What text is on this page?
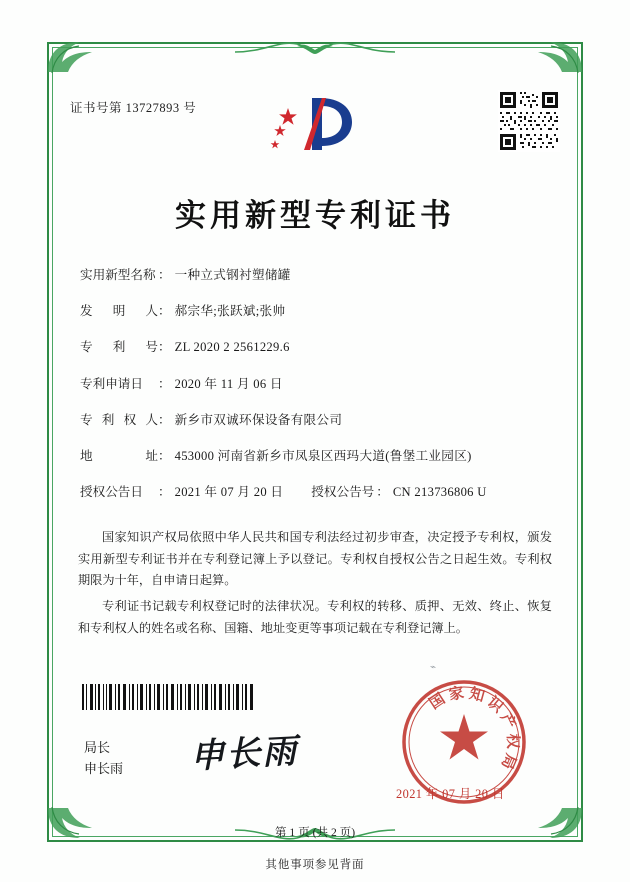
证书号第 13727893 号
实用新型专利证书
实用新型名称 ： 一种立式钢衬塑储罐
发明人 ： 郝宗华;张跃斌;张帅
专利号 ： ZL 2020 2 2561229.6
专利申请日	： 2020 年 11 月 06 日
专利权人 ： 新乡市双诚环保设备有限公司
地址 ： 453000 河南省新乡市凤泉区西玛大道(鲁堡工业园区)
授权公告日	： 2021 年 07 月 20 日	授权公告号 ： CN 213736806 U

国家知识产权局依照中华人民共和国专利法经过初步审查，决定授予专利权，颁发实用新型专利证书并在专利登记簿上予以登记。专利权自授权公告之日起生效。专利权期限为十年，自申请日起算。

专利证书记载专利权登记时的法律状况。专利权的转移、质押、无效、终止、恢复和专利权人的姓名或名称、国籍、地址变更等事项记载在专利登记簿上。

⌁
局长
申长雨 申长雨
国 家 知 识 产 权 局
2021 年 07 月 20 日
第 1 页 (共 2 页)
其他事项参见背面
